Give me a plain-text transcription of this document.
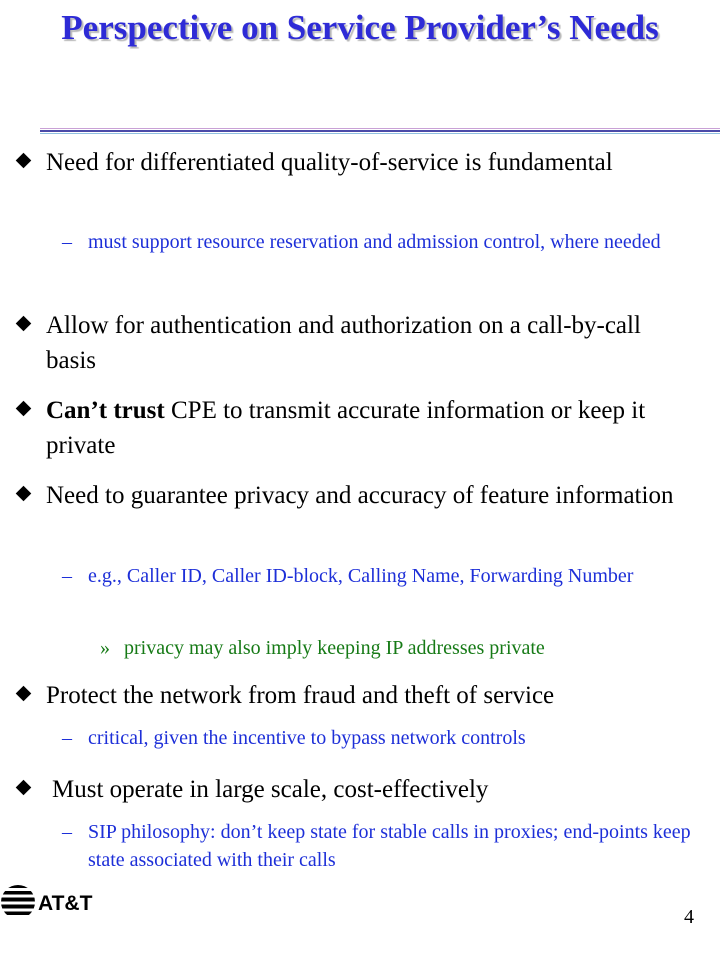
Perspective on Service Provider’s Needs
Need for differentiated quality-of-service is fundamental
– must support resource reservation and admission control, where needed
Allow for authentication and authorization on a call-by-call basis
Can’t trust CPE to transmit accurate information or keep it private
Need to guarantee privacy and accuracy of feature information
– e.g., Caller ID, Caller ID-block, Calling Name, Forwarding Number
» privacy may also imply keeping IP addresses private
Protect the network from fraud and theft of service
– critical, given the incentive to bypass network controls
Must operate in large scale, cost-effectively
– SIP philosophy: don’t keep state for stable calls in proxies; end-points keep state associated with their calls
AT&T
4
